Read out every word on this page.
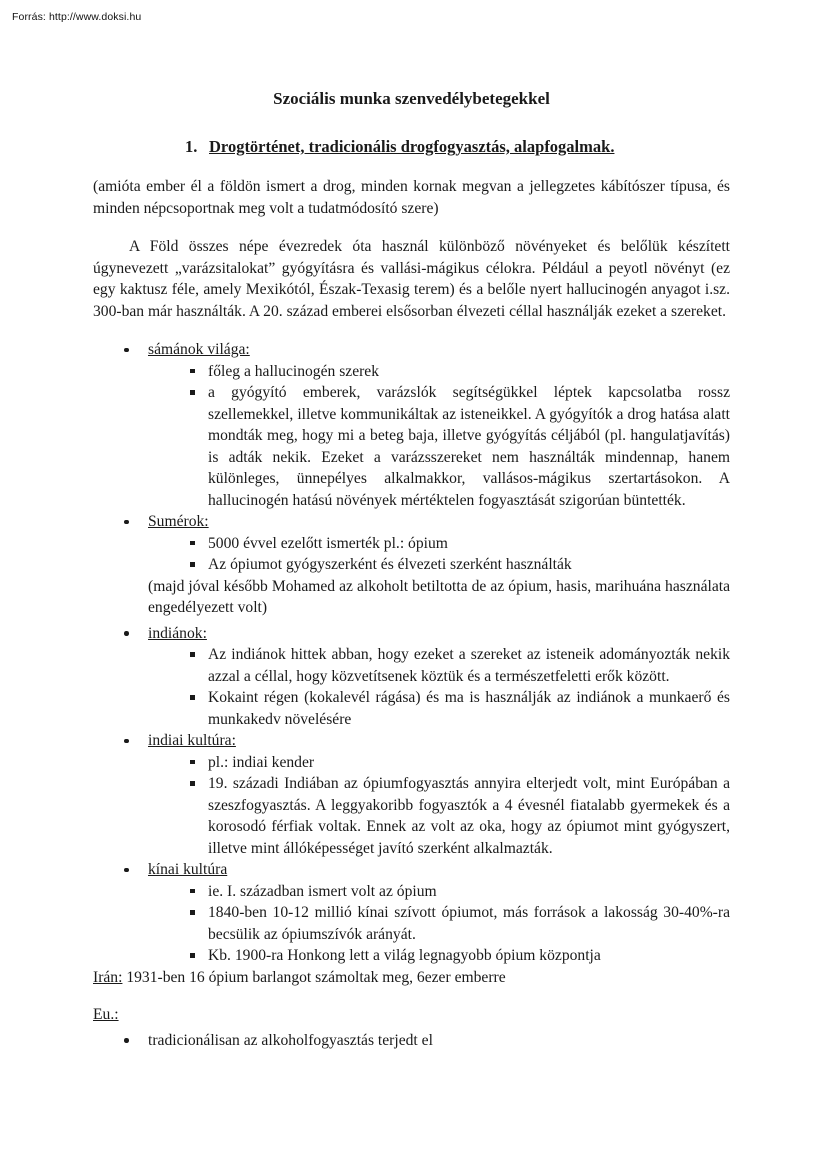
Forrás: http://www.doksi.hu
Szociális munka szenvedélybetegekkel
1. Drogtörténet, tradicionális drogfogyasztás, alapfogalmak.

(amióta ember él a földön ismert a drog, minden kornak megvan a jellegzetes kábítószer típusa, és minden népcsoportnak meg volt a tudatmódosító szere)

A Föld összes népe évezredek óta használ különböző növényeket és belőlük készített úgynevezett „varázsitalokat” gyógyításra és vallási-mágikus célokra. Például a peyotl növényt (ez egy kaktusz féle, amely Mexikótól, Észak-Texasig terem) és a belőle nyert hallucinogén anyagot i.sz. 300-ban már használták. A 20. század emberei elsősorban élvezeti céllal használják ezeket a szereket.

sámánok világa:
főleg a hallucinogén szerek
a gyógyító emberek, varázslók segítségükkel léptek kapcsolatba rossz szellemekkel, illetve kommunikáltak az isteneikkel. A gyógyítók a drog hatása alatt mondták meg, hogy mi a beteg baja, illetve gyógyítás céljából (pl. hangulatjavítás) is adták nekik. Ezeket a varázsszereket nem használták mindennap, hanem különleges, ünnepélyes alkalmakkor, vallásos-mágikus szertartásokon. A hallucinogén hatású növények mértéktelen fogyasztását szigorúan büntették.
Sumérok:
5000 évvel ezelőtt ismerték pl.: ópium
Az ópiumot gyógyszerként és élvezeti szerként használták

(majd jóval később Mohamed az alkoholt betiltotta de az ópium, hasis, marihuána használata engedélyezett volt)

indiánok:
Az indiánok hittek abban, hogy ezeket a szereket az isteneik adományozták nekik azzal a céllal, hogy közvetítsenek köztük és a természetfeletti erők között.
Kokaint régen (kokalevél rágása) és ma is használják az indiánok a munkaerő és munkakedv növelésére
indiai kultúra:
pl.: indiai kender
19. századi Indiában az ópiumfogyasztás annyira elterjedt volt, mint Európában a szeszfogyasztás. A leggyakoribb fogyasztók a 4 évesnél fiatalabb gyermekek és a korosodó férfiak voltak. Ennek az volt az oka, hogy az ópiumot mint gyógyszert, illetve mint állóképességet javító szerként alkalmazták.
kínai kultúra
ie. I. században ismert volt az ópium
1840-ben 10-12 millió kínai szívott ópiumot, más források a lakosság 30-40%-ra becsülik az ópiumszívók arányát.
Kb. 1900-ra Honkong lett a világ legnagyobb ópium központja

Irán: 1931-ben 16 ópium barlangot számoltak meg, 6ezer emberre

Eu.:

tradicionálisan az alkoholfogyasztás terjedt el
